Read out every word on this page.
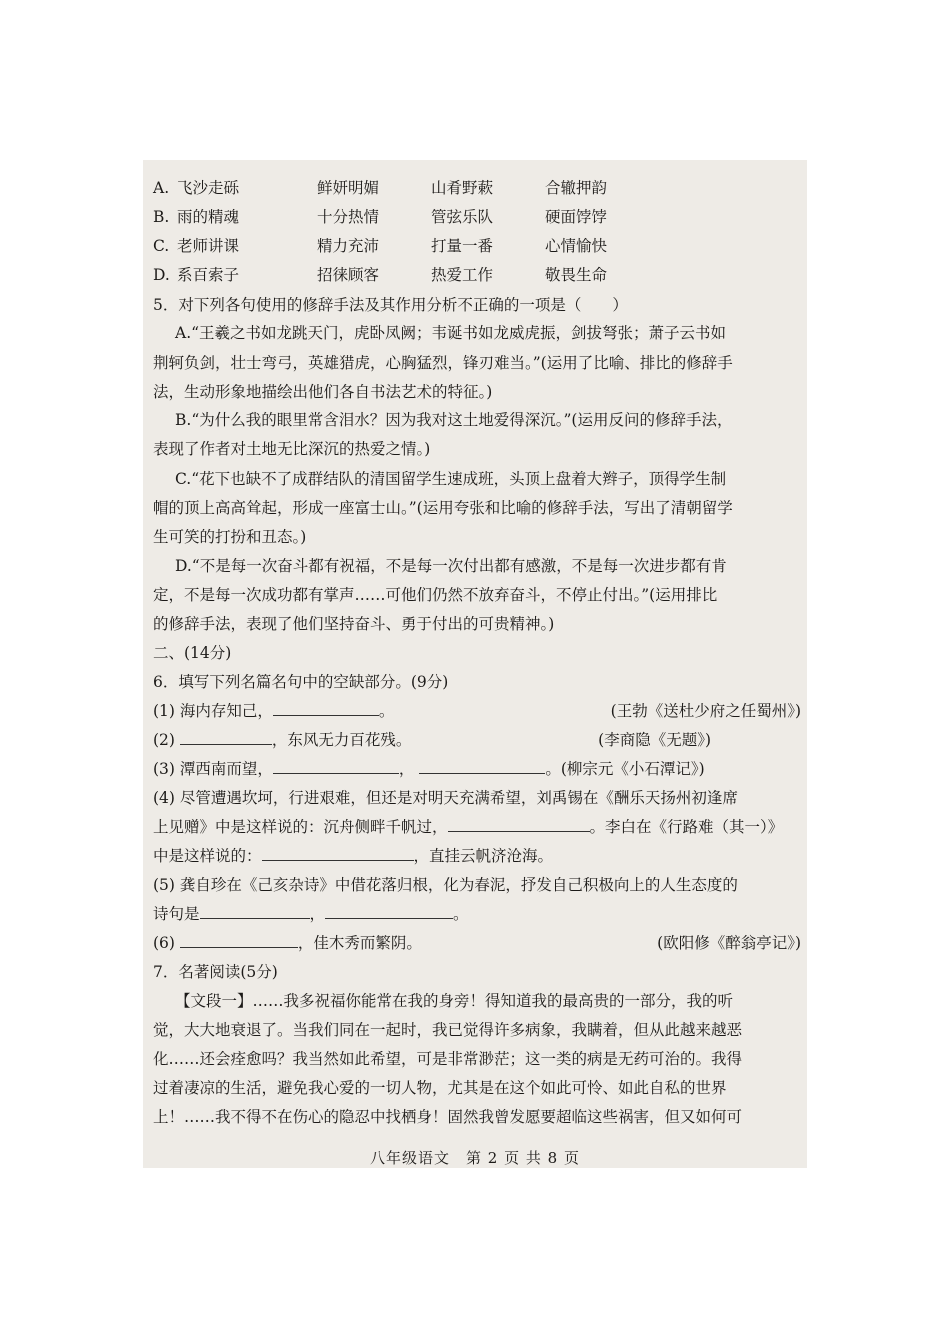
A. 飞沙走砾	鲜妍明媚	山肴野蔌	合辙押韵
B. 雨的精魂	十分热情	管弦乐队	硬面饽饽
C. 老师讲课	精力充沛	打量一番	心情愉快
D. 系百索子	招徕顾客	热爱工作	敬畏生命
5．对下列各句使用的修辞手法及其作用分析不正确的一项是（　　）
A.“王羲之书如龙跳天门，虎卧凤阙；韦诞书如龙威虎振，剑拔弩张；萧子云书如
荆轲负剑，壮士弯弓，英雄猎虎，心胸猛烈，锋刃难当。”(运用了比喻、排比的修辞手
法，生动形象地描绘出他们各自书法艺术的特征。)
B.“为什么我的眼里常含泪水？因为我对这土地爱得深沉。”(运用反问的修辞手法，
表现了作者对土地无比深沉的热爱之情。)
C.“花下也缺不了成群结队的清国留学生速成班，头顶上盘着大辫子，顶得学生制
帽的顶上高高耸起，形成一座富士山。”(运用夸张和比喻的修辞手法，写出了清朝留学
生可笑的打扮和丑态。)
D.“不是每一次奋斗都有祝福，不是每一次付出都有感激，不是每一次进步都有肯
定，不是每一次成功都有掌声……可他们仍然不放弃奋斗，不停止付出。”(运用排比
的修辞手法，表现了他们坚持奋斗、勇于付出的可贵精神。)
二、(14分)
6．填写下列名篇名句中的空缺部分。(9分)
(1) 海内存知己，	。	(王勃《送杜少府之任蜀州》)
(2)	，东风无力百花残。	(李商隐《无题》)
(3) 潭西南而望，	，	。(柳宗元《小石潭记》)
(4) 尽管遭遇坎坷，行进艰难，但还是对明天充满希望，刘禹锡在《酬乐天扬州初逢席
上见赠》中是这样说的：沉舟侧畔千帆过，	。李白在《行路难（其一）》
中是这样说的：	，直挂云帆济沧海。
(5) 龚自珍在《己亥杂诗》中借花落归根，化为春泥，抒发自己积极向上的人生态度的
诗句是	，	。
(6)	，佳木秀而繁阴。	(欧阳修《醉翁亭记》)
7．名著阅读(5分)
【文段一】……我多祝福你能常在我的身旁！得知道我的最高贵的一部分，我的听
觉，大大地衰退了。当我们同在一起时，我已觉得许多病象，我瞒着，但从此越来越恶
化……还会痊愈吗？我当然如此希望，可是非常渺茫；这一类的病是无药可治的。我得
过着凄凉的生活，避免我心爱的一切人物，尤其是在这个如此可怜、如此自私的世界
上！……我不得不在伤心的隐忍中找栖身！固然我曾发愿要超临这些祸害，但又如何可
八年级语文　第 2 页 共 8 页
